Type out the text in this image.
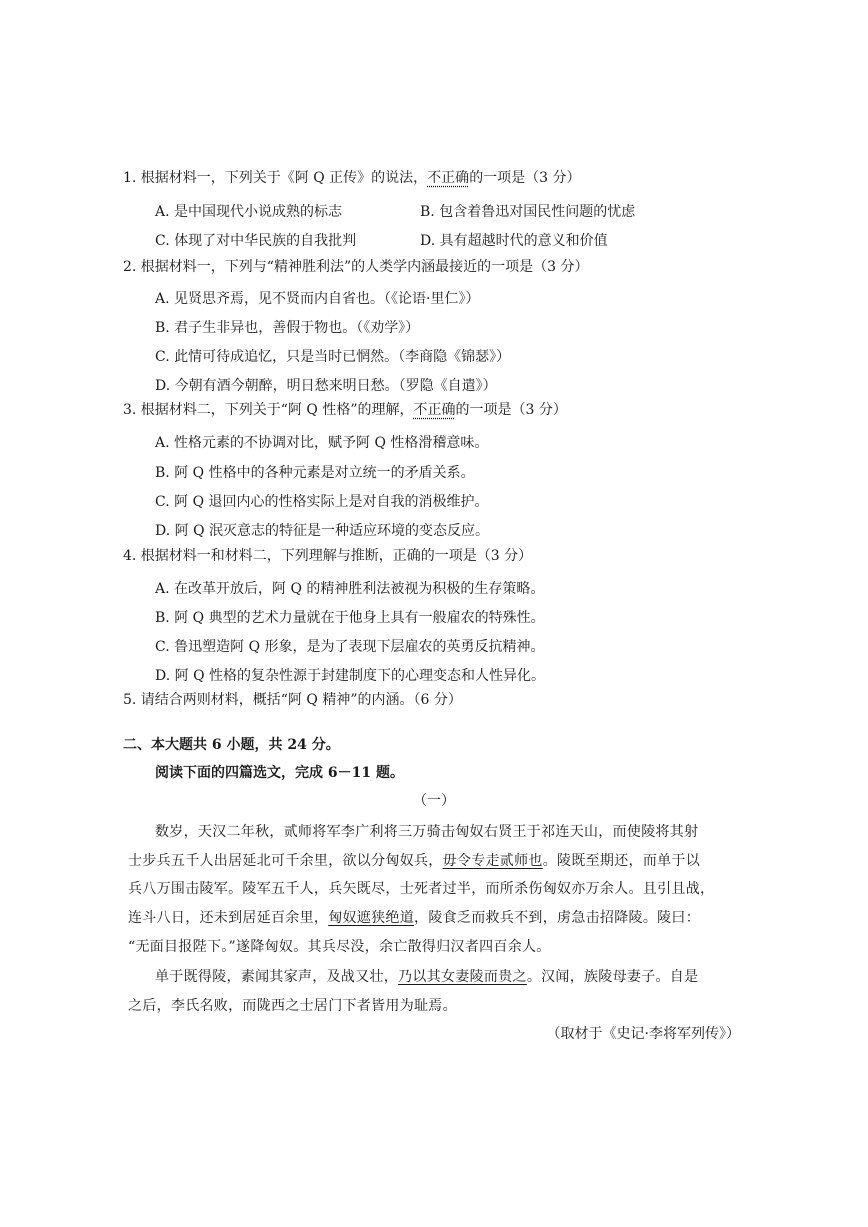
1. 根据材料一，下列关于《阿 Q 正传》的说法，不正确的一项是（3 分）
A. 是中国现代小说成熟的标志	B. 包含着鲁迅对国民性问题的忧虑
C. 体现了对中华民族的自我批判	D. 具有超越时代的意义和价值
2. 根据材料一，下列与“精神胜利法”的人类学内涵最接近的一项是（3 分）
A. 见贤思齐焉，见不贤而内自省也。（《论语·里仁》）
B. 君子生非异也，善假于物也。（《劝学》）
C. 此情可待成追忆，只是当时已惘然。（李商隐《锦瑟》）
D. 今朝有酒今朝醉，明日愁来明日愁。（罗隐《自遣》）
3. 根据材料二，下列关于“阿 Q 性格”的理解，不正确的一项是（3 分）
A. 性格元素的不协调对比，赋予阿 Q 性格滑稽意味。
B. 阿 Q 性格中的各种元素是对立统一的矛盾关系。
C. 阿 Q 退回内心的性格实际上是对自我的消极维护。
D. 阿 Q 泯灭意志的特征是一种适应环境的变态反应。
4. 根据材料一和材料二，下列理解与推断，正确的一项是（3 分）
A. 在改革开放后，阿 Q 的精神胜利法被视为积极的生存策略。
B. 阿 Q 典型的艺术力量就在于他身上具有一般雇农的特殊性。
C. 鲁迅塑造阿 Q 形象，是为了表现下层雇农的英勇反抗精神。
D. 阿 Q 性格的复杂性源于封建制度下的心理变态和人性异化。
5. 请结合两则材料，概括“阿 Q 精神”的内涵。（6 分）
二、本大题共 6 小题，共 24 分。
阅读下面的四篇选文，完成 6－11 题。
（一）
数岁，天汉二年秋，贰师将军李广利将三万骑击匈奴右贤王于祁连天山，而使陵将其射
士步兵五千人出居延北可千余里，欲以分匈奴兵，毋令专走贰师也。陵既至期还，而单于以
兵八万围击陵军。陵军五千人，兵矢既尽，士死者过半，而所杀伤匈奴亦万余人。且引且战，
连斗八日，还未到居延百余里，匈奴遮狭绝道，陵食乏而救兵不到，虏急击招降陵。陵曰：
“无面目报陛下。”遂降匈奴。其兵尽没，余亡散得归汉者四百余人。
单于既得陵，素闻其家声，及战又壮，乃以其女妻陵而贵之。汉闻，族陵母妻子。自是
之后，李氏名败，而陇西之士居门下者皆用为耻焉。
（取材于《史记·李将军列传》）
